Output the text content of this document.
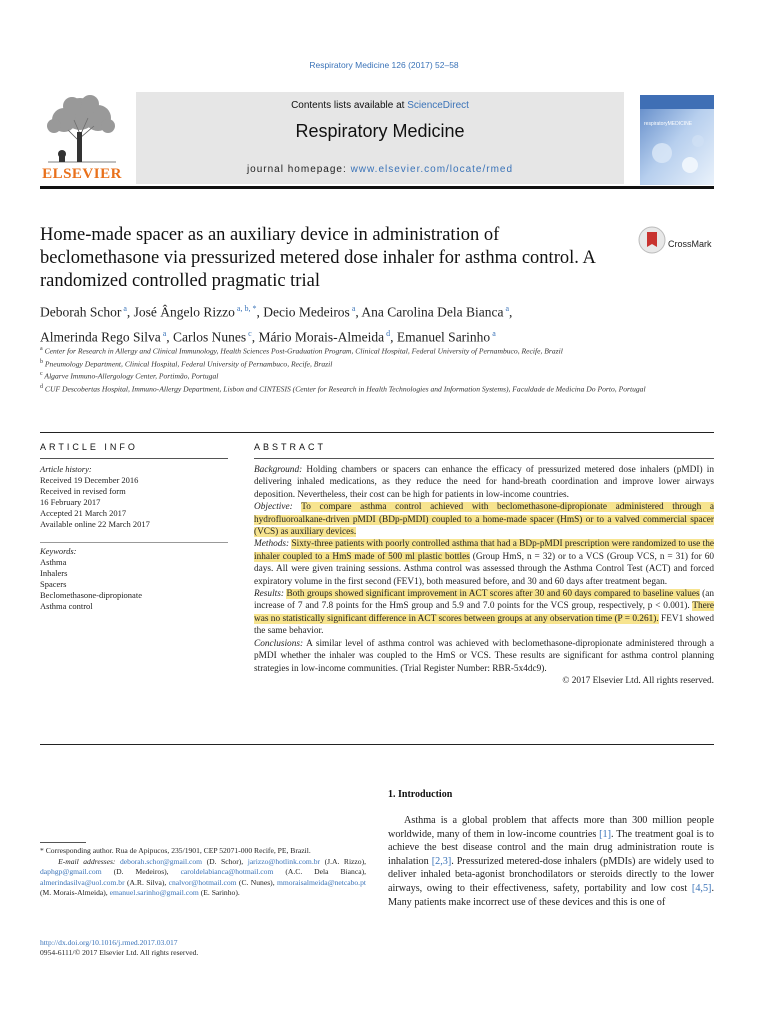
Respiratory Medicine 126 (2017) 52–58
ELSEVIER
Contents lists available at ScienceDirect
Respiratory Medicine
journal homepage: www.elsevier.com/locate/rmed
respiratoryMEDICINE
Home-made spacer as an auxiliary device in administration of beclomethasone via pressurized metered dose inhaler for asthma control. A randomized controlled pragmatic trial
CrossMark
Deborah Schor $^a$, José Ângelo Rizzo $^{a, b, *}$, Decio Medeiros $^a$, Ana Carolina Dela Bianca $^a$,
Almerinda Rego Silva $^a$, Carlos Nunes $^c$, Mário Morais-Almeida $^d$, Emanuel Sarinho $^a$
$^a$ Center for Research in Allergy and Clinical Immunology, Health Sciences Post-Graduation Program, Clinical Hospital, Federal University of Pernambuco, Recife, Brazil
$^b$ Pneumology Department, Clinical Hospital, Federal University of Pernambuco, Recife, Brazil
$^c$ Algarve Immuno-Allergology Center, Portimão, Portugal
$^d$ CUF Descobertas Hospital, Immuno-Allergy Department, Lisbon and CINTESIS (Center for Research in Health Technologies and Information Systems), Faculdade de Medicina Do Porto, Portugal
ARTICLE INFO
Article history:
Received 19 December 2016
Received in revised form
16 February 2017
Accepted 21 March 2017
Available online 22 March 2017
Keywords:
Asthma
Inhalers
Spacers
Beclomethasone-dipropionate
Asthma control
ABSTRACT
Background: Holding chambers or spacers can enhance the efficacy of pressurized metered dose inhalers (pMDI) in delivering inhaled medications, as they reduce the need for hand-breath coordination and improve lower airways deposition. Nevertheless, their cost can be high for patients in low-income countries.
Objective: To compare asthma control achieved with beclomethasone-dipropionate administered through a hydrofluoroalkane-driven pMDI (BDp-pMDI) coupled to a home-made spacer (HmS) or to a valved commercial spacer (VCS) as auxiliary devices.
Methods: Sixty-three patients with poorly controlled asthma that had a BDp-pMDI prescription were randomized to use the inhaler coupled to a HmS made of 500 ml plastic bottles (Group HmS, n = 32) or to a VCS (Group VCS, n = 31) for 60 days. All were given training sessions. Asthma control was assessed through the Asthma Control Test (ACT) and forced expiratory volume in the first second (FEV1), both measured before, and 30 and 60 days after treatment began.
Results: Both groups showed significant improvement in ACT scores after 30 and 60 days compared to baseline values (an increase of 7 and 7.8 points for the HmS group and 5.9 and 7.0 points for the VCS group, respectively, p < 0.001). There was no statistically significant difference in ACT scores between groups at any observation time (P = 0.261). FEV1 showed the same behavior.
Conclusions: A similar level of asthma control was achieved with beclomethasone-dipropionate administered through a pMDI whether the inhaler was coupled to the HmS or VCS. These results are significant for asthma control planning strategies in low-income communities. (Trial Register Number: RBR-5x4dc9).
© 2017 Elsevier Ltd. All rights reserved.
1. Introduction
Asthma is a global problem that affects more than 300 million people worldwide, many of them in low-income countries [1]. The treatment goal is to achieve the best disease control and the main drug administration route is inhalation [2,3]. Pressurized metered-dose inhalers (pMDIs) are widely used to deliver inhaled beta-agonist bronchodilators or steroids directly to the lower airways, owing to their effectiveness, safety, portability and low cost [4,5]. Many patients make incorrect use of these devices and this is one of
* Corresponding author. Rua de Apipucos, 235/1901, CEP 52071-000 Recife, PE, Brazil.
E-mail addresses: deborah.schor@gmail.com (D. Schor), jarizzo@hotlink.com.br (J.A. Rizzo), daphgp@gmail.com (D. Medeiros), caroldelabianca@hotmail.com (A.C. Dela Bianca), almerindasilva@uol.com.br (A.R. Silva), cnalvor@hotmail.com (C. Nunes), mmoraisalmeida@netcabo.pt (M. Morais-Almeida), emanuel.sarinho@gmail.com (E. Sarinho).
http://dx.doi.org/10.1016/j.rmed.2017.03.017
0954-6111/© 2017 Elsevier Ltd. All rights reserved.
